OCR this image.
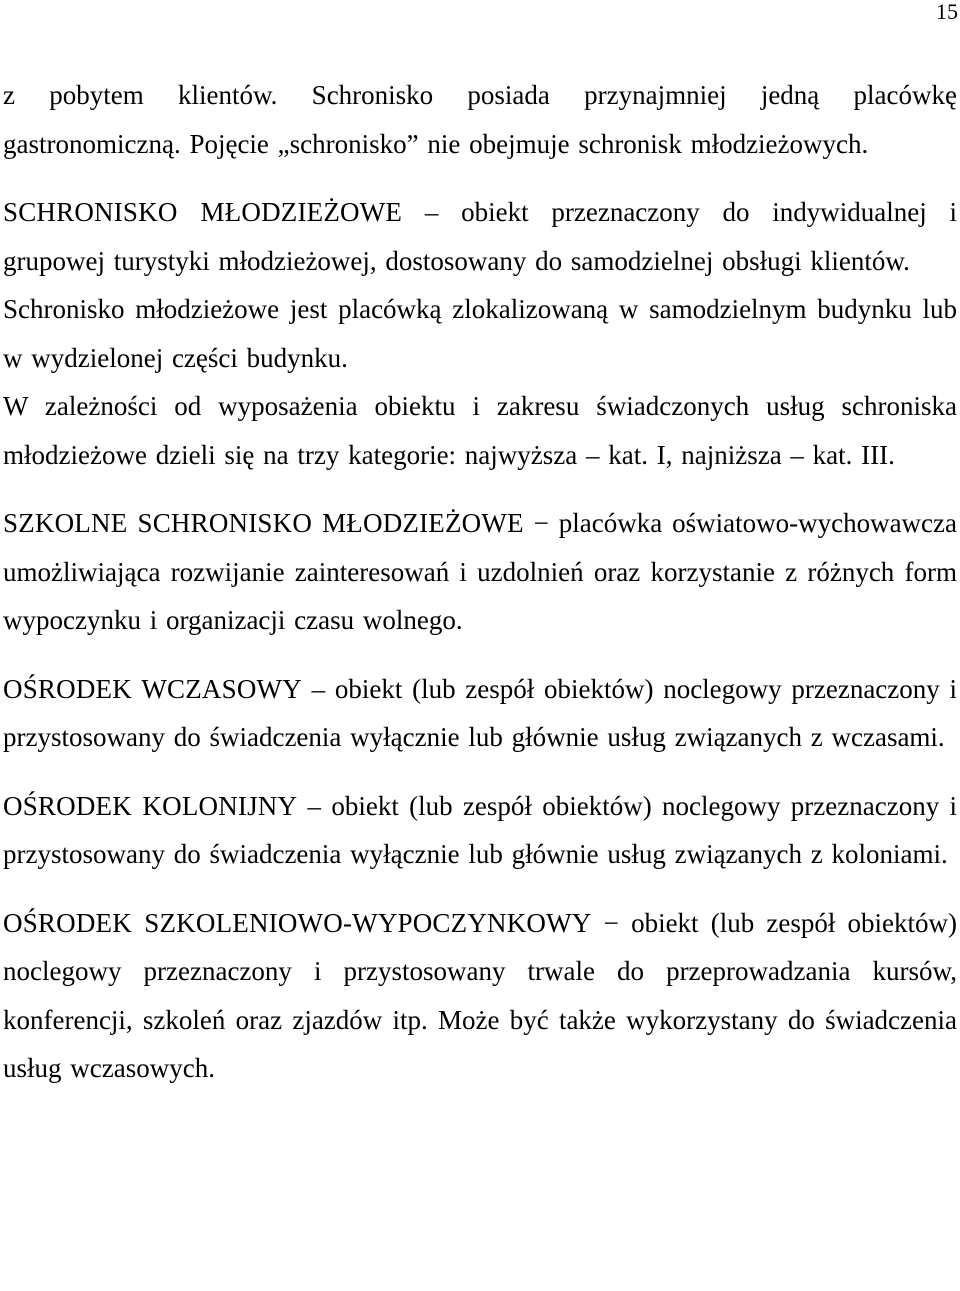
15

z pobytem klientów. Schronisko posiada przynajmniej jedną placówkę gastronomiczną. Pojęcie „schronisko” nie obejmuje schronisk młodzieżowych.

SCHRONISKO MŁODZIEŻOWE – obiekt przeznaczony do indywidualnej i grupowej turystyki młodzieżowej, dostosowany do samodzielnej obsługi klientów.

Schronisko młodzieżowe jest placówką zlokalizowaną w samodzielnym budynku lub w wydzielonej części budynku.

W zależności od wyposażenia obiektu i zakresu świadczonych usług schroniska młodzieżowe dzieli się na trzy kategorie: najwyższa – kat. I, najniższa – kat. III.

SZKOLNE SCHRONISKO MŁODZIEŻOWE − placówka oświatowo-wychowawcza umożliwiająca rozwijanie zainteresowań i uzdolnień oraz korzystanie z różnych form wypoczynku i organizacji czasu wolnego.

OŚRODEK WCZASOWY – obiekt (lub zespół obiektów) noclegowy przeznaczony i przystosowany do świadczenia wyłącznie lub głównie usług związanych z wczasami.

OŚRODEK KOLONIJNY – obiekt (lub zespół obiektów) noclegowy przeznaczony i przystosowany do świadczenia wyłącznie lub głównie usług związanych z koloniami.

OŚRODEK SZKOLENIOWO-WYPOCZYNKOWY − obiekt (lub zespół obiektów) noclegowy przeznaczony i przystosowany trwale do przeprowadzania kursów, konferencji, szkoleń oraz zjazdów itp. Może być także wykorzystany do świadczenia usług wczasowych.
